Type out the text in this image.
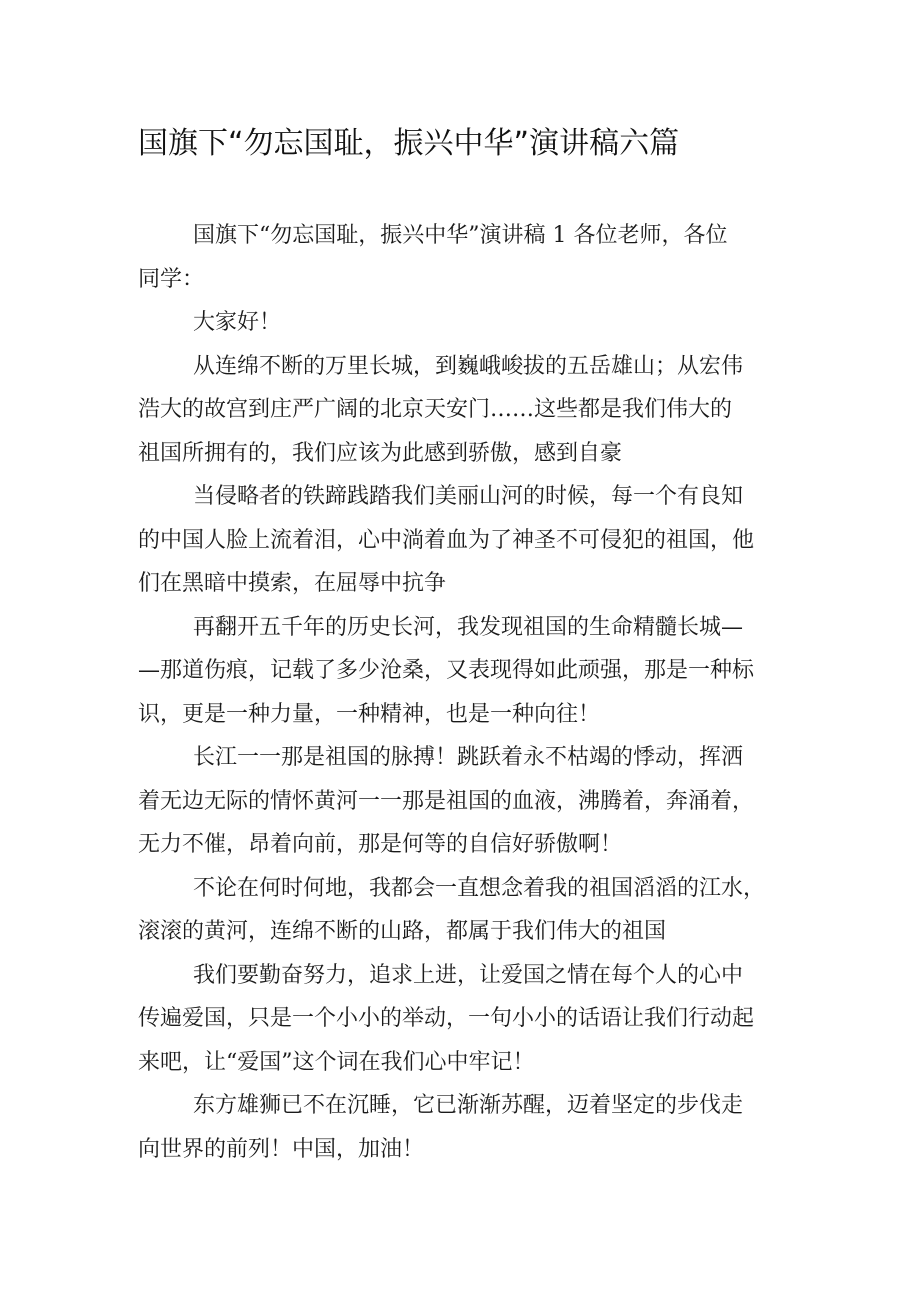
国旗下“勿忘国耻，振兴中华”演讲稿六篇
国旗下“勿忘国耻，振兴中华”演讲稿 1 各位老师，各位
同学：
大家好！
从连绵不断的万里长城，到巍峨峻拔的五岳雄山；从宏伟
浩大的故宫到庄严广阔的北京天安门……这些都是我们伟大的
祖国所拥有的，我们应该为此感到骄傲，感到自豪
当侵略者的铁蹄践踏我们美丽山河的时候，每一个有良知
的中国人脸上流着泪，心中淌着血为了神圣不可侵犯的祖国，他
们在黑暗中摸索，在屈辱中抗争
再翻开五千年的历史长河，我发现祖国的生命精髓长城—
—那道伤痕，记载了多少沧桑，又表现得如此顽强，那是一种标
识，更是一种力量，一种精神，也是一种向往！
长江一一那是祖国的脉搏！跳跃着永不枯竭的悸动，挥洒
着无边无际的情怀黄河一一那是祖国的血液，沸腾着，奔涌着，
无力不催，昂着向前，那是何等的自信好骄傲啊！
不论在何时何地，我都会一直想念着我的祖国滔滔的江水，
滚滚的黄河，连绵不断的山路，都属于我们伟大的祖国
我们要勤奋努力，追求上进，让爱国之情在每个人的心中
传遍爱国，只是一个小小的举动，一句小小的话语让我们行动起
来吧，让“爱国”这个词在我们心中牢记！
东方雄狮已不在沉睡，它已渐渐苏醒，迈着坚定的步伐走
向世界的前列！中国，加油！
